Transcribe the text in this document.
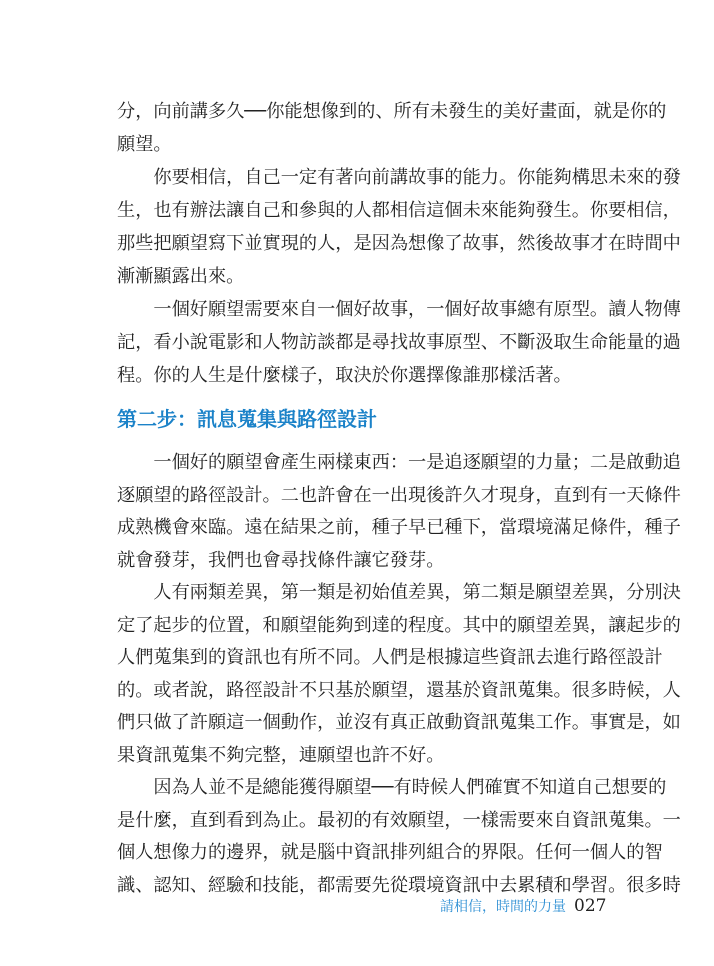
分，向前講多久──你能想像到的、所有未發生的美好畫面，就是你的
願望。
　　你要相信，自己一定有著向前講故事的能力。你能夠構思未來的發
生，也有辦法讓自己和參與的人都相信這個未來能夠發生。你要相信，
那些把願望寫下並實現的人，是因為想像了故事，然後故事才在時間中
漸漸顯露出來。
　　一個好願望需要來自一個好故事，一個好故事總有原型。讀人物傳
記，看小說電影和人物訪談都是尋找故事原型、不斷汲取生命能量的過
第二步：訊息蒐集與路徑設計
程。你的人生是什麼樣子，取決於你選擇像誰那樣活著。
　　一個好的願望會產生兩樣東西：一是追逐願望的力量；二是啟動追
逐願望的路徑設計。二也許會在一出現後許久才現身，直到有一天條件
成熟機會來臨。遠在結果之前，種子早已種下，當環境滿足條件，種子
就會發芽，我們也會尋找條件讓它發芽。
　　人有兩類差異，第一類是初始值差異，第二類是願望差異，分別決
定了起步的位置，和願望能夠到達的程度。其中的願望差異，讓起步的
人們蒐集到的資訊也有所不同。人們是根據這些資訊去進行路徑設計
的。或者說，路徑設計不只基於願望，還基於資訊蒐集。很多時候，人
們只做了許願這一個動作，並沒有真正啟動資訊蒐集工作。事實是，如
果資訊蒐集不夠完整，連願望也許不好。
　　因為人並不是總能獲得願望──有時候人們確實不知道自己想要的
是什麼，直到看到為止。最初的有效願望，一樣需要來自資訊蒐集。一
個人想像力的邊界，就是腦中資訊排列組合的界限。任何一個人的智
識、認知、經驗和技能，都需要先從環境資訊中去累積和學習。很多時
請相信，時間的力量 027
